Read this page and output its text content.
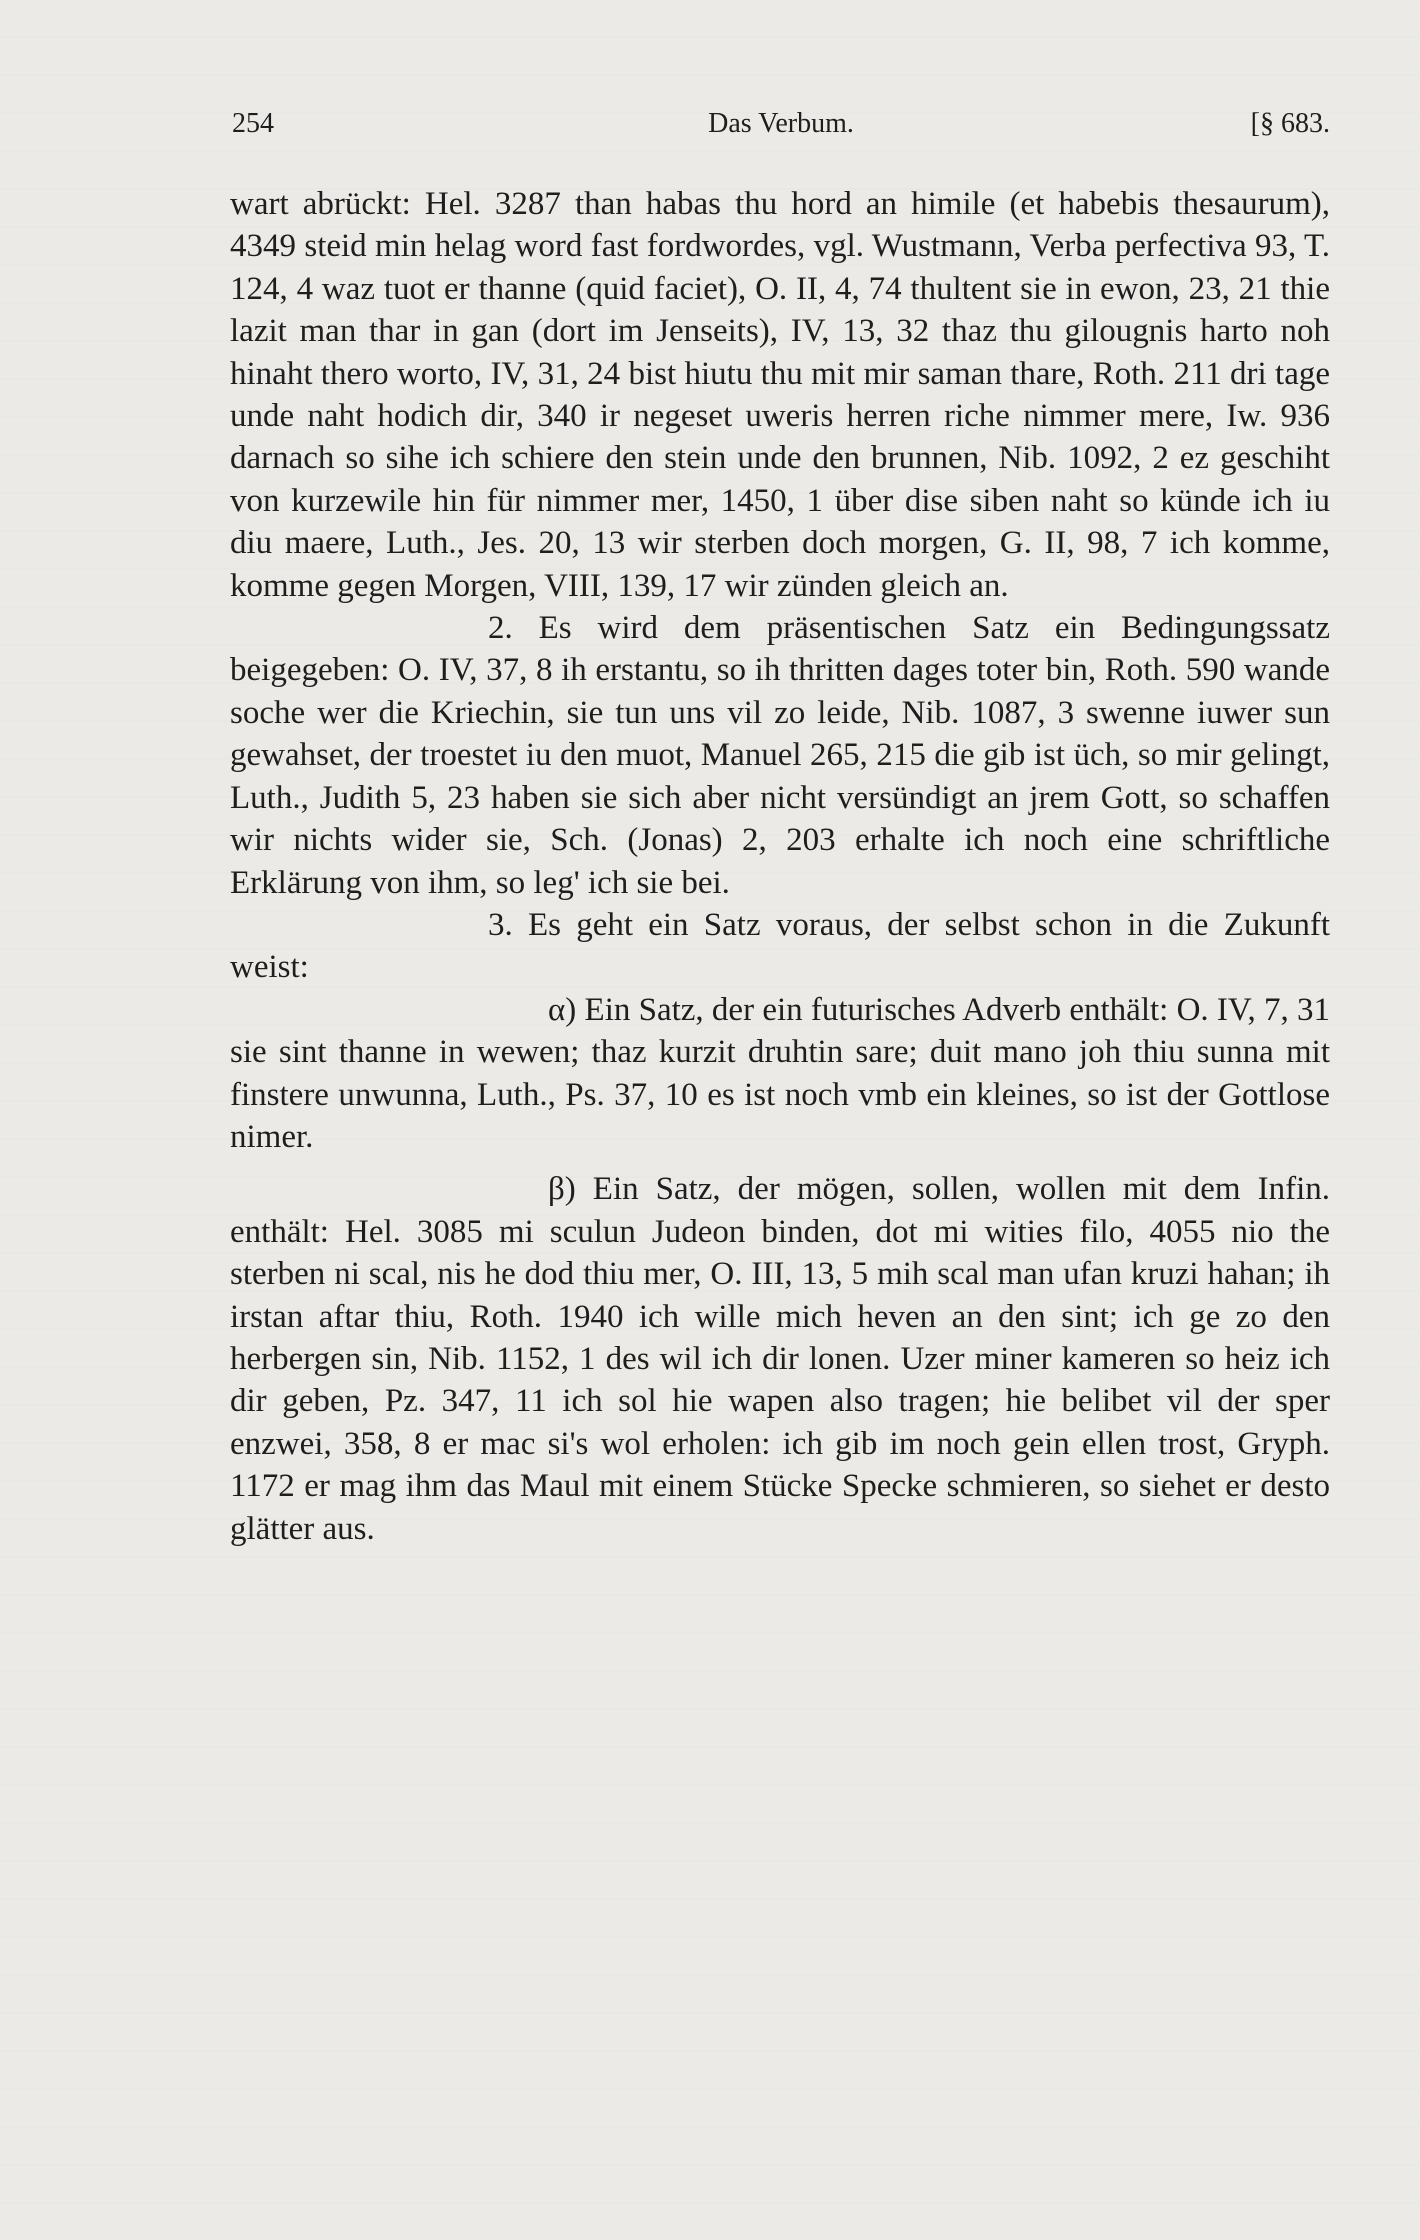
254	Das Verbum.	[§ 683.

wart abrückt: Hel. 3287 than habas thu hord an himile (et habebis thesaurum), 4349 steid min helag word fast fordwordes, vgl. Wustmann, Verba perfectiva 93, T. 124, 4 waz tuot er thanne (quid faciet), O. II, 4, 74 thultent sie in ewon, 23, 21 thie lazit man thar in gan (dort im Jenseits), IV, 13, 32 thaz thu gilougnis harto noh hinaht thero worto, IV, 31, 24 bist hiutu thu mit mir saman thare, Roth. 211 dri tage unde naht hodich dir, 340 ir negeset uweris herren riche nimmer mere, Iw. 936 darnach so sihe ich schiere den stein unde den brunnen, Nib. 1092, 2 ez geschiht von kurzewile hin für nimmer mer, 1450, 1 über dise siben naht so künde ich iu diu maere, Luth., Jes. 20, 13 wir sterben doch morgen, G. II, 98, 7 ich komme, komme gegen Morgen, VIII, 139, 17 wir zünden gleich an.

2. Es wird dem präsentischen Satz ein Bedingungssatz beigegeben: O. IV, 37, 8 ih erstantu, so ih thritten dages toter bin, Roth. 590 wande soche wer die Kriechin, sie tun uns vil zo leide, Nib. 1087, 3 swenne iuwer sun gewahset, der troestet iu den muot, Manuel 265, 215 die gib ist üch, so mir gelingt, Luth., Judith 5, 23 haben sie sich aber nicht versündigt an jrem Gott, so schaffen wir nichts wider sie, Sch. (Jonas) 2, 203 erhalte ich noch eine schriftliche Erklärung von ihm, so leg' ich sie bei.

3. Es geht ein Satz voraus, der selbst schon in die Zukunft weist:

α) Ein Satz, der ein futurisches Adverb enthält: O. IV, 7, 31 sie sint thanne in wewen; thaz kurzit druhtin sare; duit mano joh thiu sunna mit finstere unwunna, Luth., Ps. 37, 10 es ist noch vmb ein kleines, so ist der Gottlose nimer.

β) Ein Satz, der mögen, sollen, wollen mit dem Infin. enthält: Hel. 3085 mi sculun Judeon binden, dot mi wities filo, 4055 nio the sterben ni scal, nis he dod thiu mer, O. III, 13, 5 mih scal man ufan kruzi hahan; ih irstan aftar thiu, Roth. 1940 ich wille mich heven an den sint; ich ge zo den herbergen sin, Nib. 1152, 1 des wil ich dir lonen. Uzer miner kameren so heiz ich dir geben, Pz. 347, 11 ich sol hie wapen also tragen; hie belibet vil der sper enzwei, 358, 8 er mac si's wol erholen: ich gib im noch gein ellen trost, Gryph. 1172 er mag ihm das Maul mit einem Stücke Specke schmieren, so siehet er desto glätter aus.
